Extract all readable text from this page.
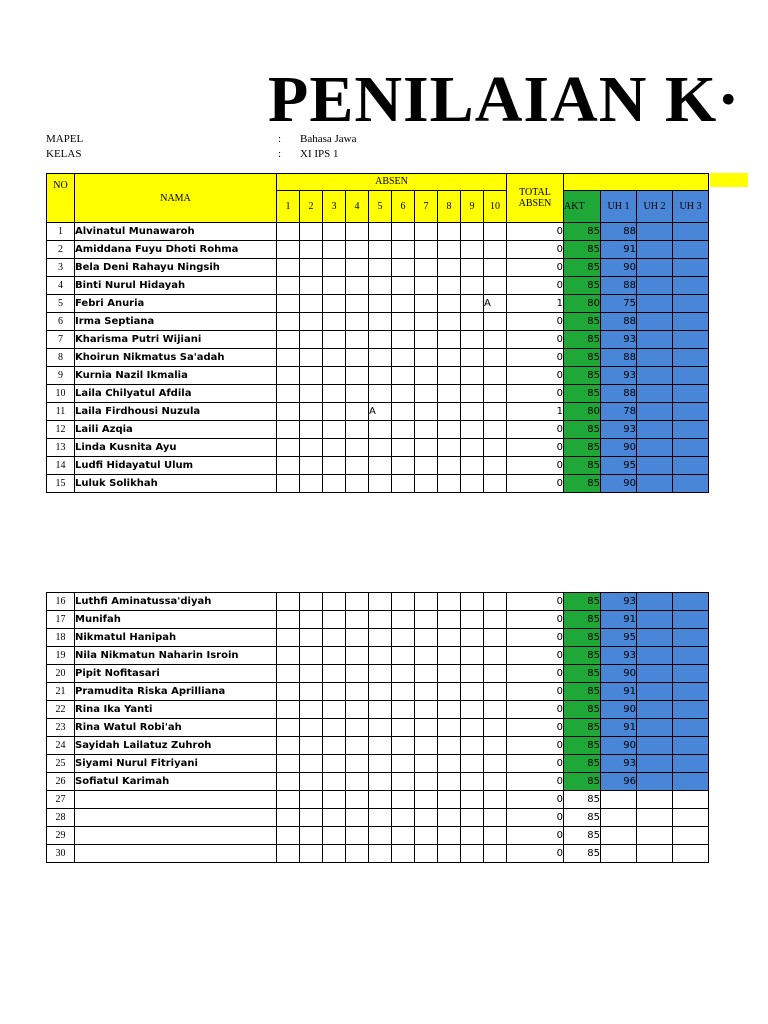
PENILAIAN K·
MAPEL	: Bahasa Jawa
KELAS	: XI IPS 1
NO	NAMA	ABSEN										TOTAL
ABSEN				
		1	2	3	4	5	6	7	8	9	10		AKT	UH 1	UH 2	UH 3
1	Alvinatul Munawaroh											0	85	88		
2	Amiddana Fuyu Dhoti Rohma											0	85	91		
3	Bela Deni Rahayu Ningsih											0	85	90		
4	Binti Nurul Hidayah											0	85	88		
5	Febri Anuria										A	1	80	75		
6	Irma Septiana											0	85	88		
7	Kharisma Putri Wijiani											0	85	93		
8	Khoirun Nikmatus Sa'adah											0	85	88		
9	Kurnia Nazil Ikmalia											0	85	93		
10	Laila Chilyatul Afdila											0	85	88		
11	Laila Firdhousi Nuzula					A						1	80	78		
12	Laili Azqia											0	85	93		
13	Linda Kusnita Ayu											0	85	90		
14	Ludfi Hidayatul Ulum											0	85	95		
15	Luluk Solikhah											0	85	90		
16	Luthfi Aminatussa'diyah											0	85	93		
17	Munifah											0	85	91		
18	Nikmatul Hanipah											0	85	95		
19	Nila Nikmatun Naharin Isroin											0	85	93		
20	Pipit Nofitasari											0	85	90		
21	Pramudita Riska Aprilliana											0	85	91		
22	Rina Ika Yanti											0	85	90		
23	Rina Watul Robi'ah											0	85	91		
24	Sayidah Lailatuz Zuhroh											0	85	90		
25	Siyami Nurul Fitriyani											0	85	93		
26	Sofiatul Karimah											0	85	96		
27												0	85			
28												0	85			
29												0	85			
30												0	85			
